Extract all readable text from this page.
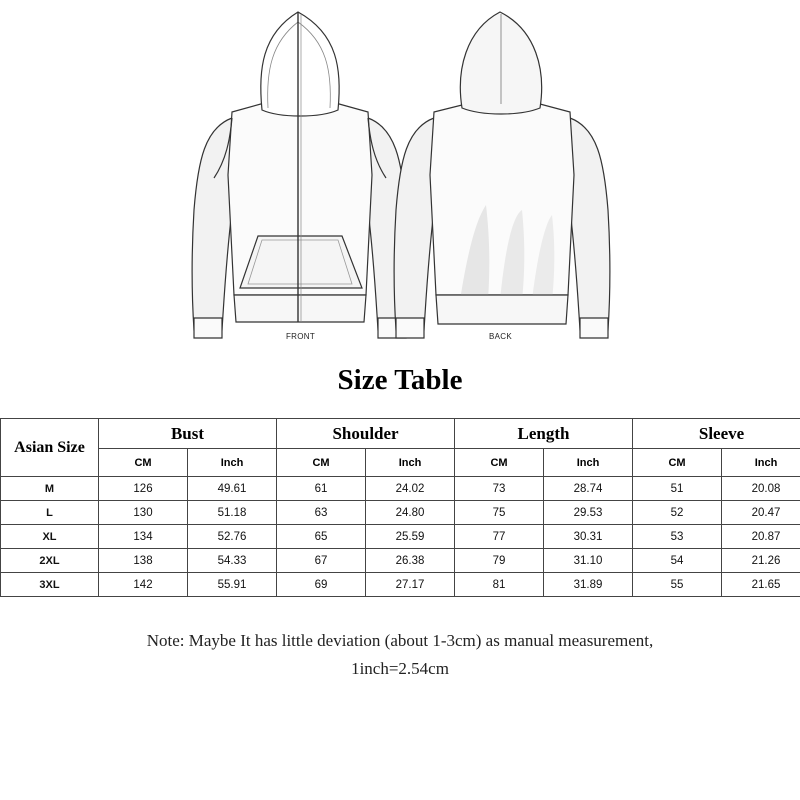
FRONT	BACK
Size Table
Asian Size	Bust		Shoulder		Length		Sleeve	
	CM	Inch	CM	Inch	CM	Inch	CM	Inch
M	126	49.61	61	24.02	73	28.74	51	20.08
L	130	51.18	63	24.80	75	29.53	52	20.47
XL	134	52.76	65	25.59	77	30.31	53	20.87
2XL	138	54.33	67	26.38	79	31.10	54	21.26
3XL	142	55.91	69	27.17	81	31.89	55	21.65
Note: Maybe It has little deviation (about 1-3cm) as manual measurement,
1inch=2.54cm
